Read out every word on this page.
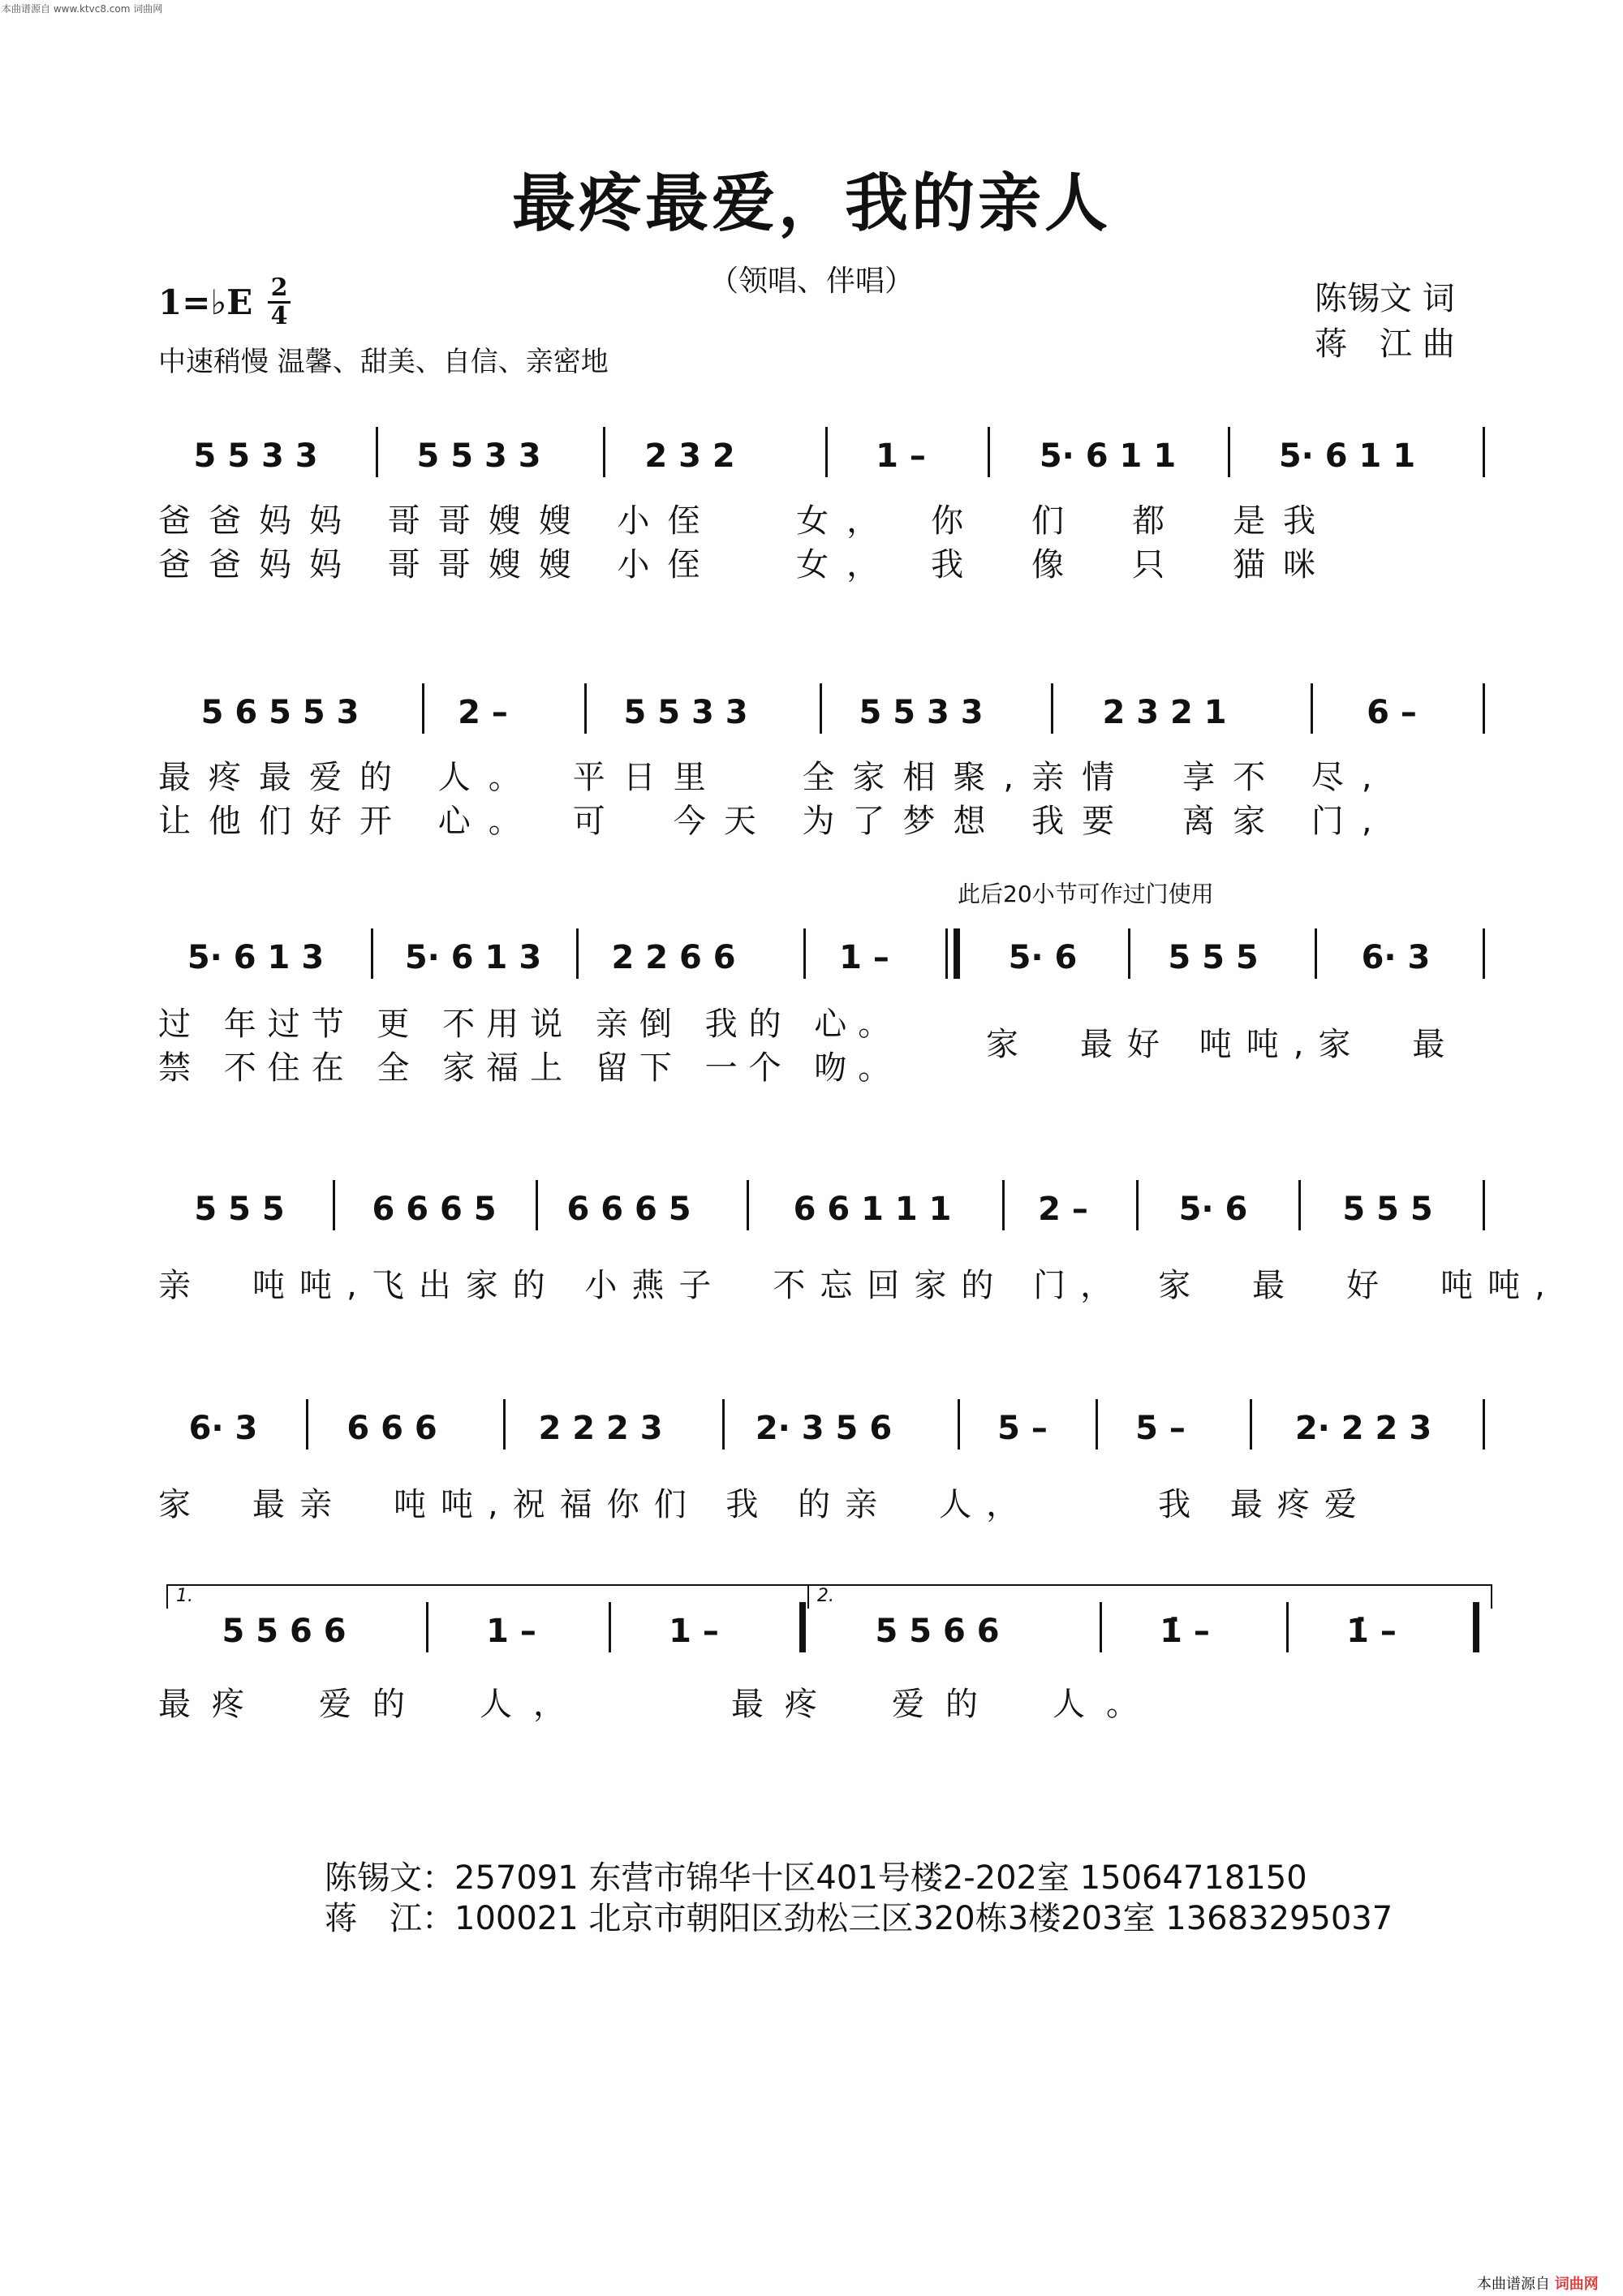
本曲谱源自 www.ktvc8.com 词曲网
最疼最爱，我的亲人
（领唱、伴唱）
1=♭E 2
4
中速稍慢 温馨、甜美、自信、亲密地
陈锡文 词
蒋　江 曲
此后20小节可作过门使用
5 5 3 3	5 5 3 3	2 3 2	1 –	5· 6 1 1	5· 6 1 1
爸爸妈妈 哥哥嫂嫂 小侄　 女，　你　们　都　是我
爸爸妈妈 哥哥嫂嫂 小侄　 女，　我　像　只　猫咪
5 6 5 5 3	2 –	5 5 3 3	5 5 3 3	2 3 2 1	6 –
最疼最爱的 人。　平日里　 全家相聚,亲情　享不 尽,
让他们好开 心。　可　今天 为了梦想 我要　离家 门,
5· 6 1 3	5· 6 1 3	2 2 6 6	1 –	5· 6	5 5 5	6· 3
过 年过节 更 不用说 亲倒 我的 心。
禁 不住在 全 家福上 留下 一个 吻。
家　最好 吨吨,家　最
5 5 5	6 6 6 5	6 6 6 5	6 6 1 1 1	2 –	5· 6	5 5 5
亲　吨吨,飞出家的 小燕子　不忘回家的 门，　家　最　好　吨吨,
6· 3	6 6 6	2 2 2 3	2· 3 5 6	5 –	5 –	2· 2 2 3
家　最亲　吨吨,祝福你们 我 的亲　人，　　　我 最疼爱
1.	2.
5 5 6 6	1 –	1 –	5 5 6 6	1̇ –	1̇ –
最疼　爱的　人，　　　最疼　爱的　人。
陈锡文：257091 东营市锦华十区401号楼2-202室 15064718150
蒋　江：100021 北京市朝阳区劲松三区320栋3楼203室 13683295037
本曲谱源自 词曲网
